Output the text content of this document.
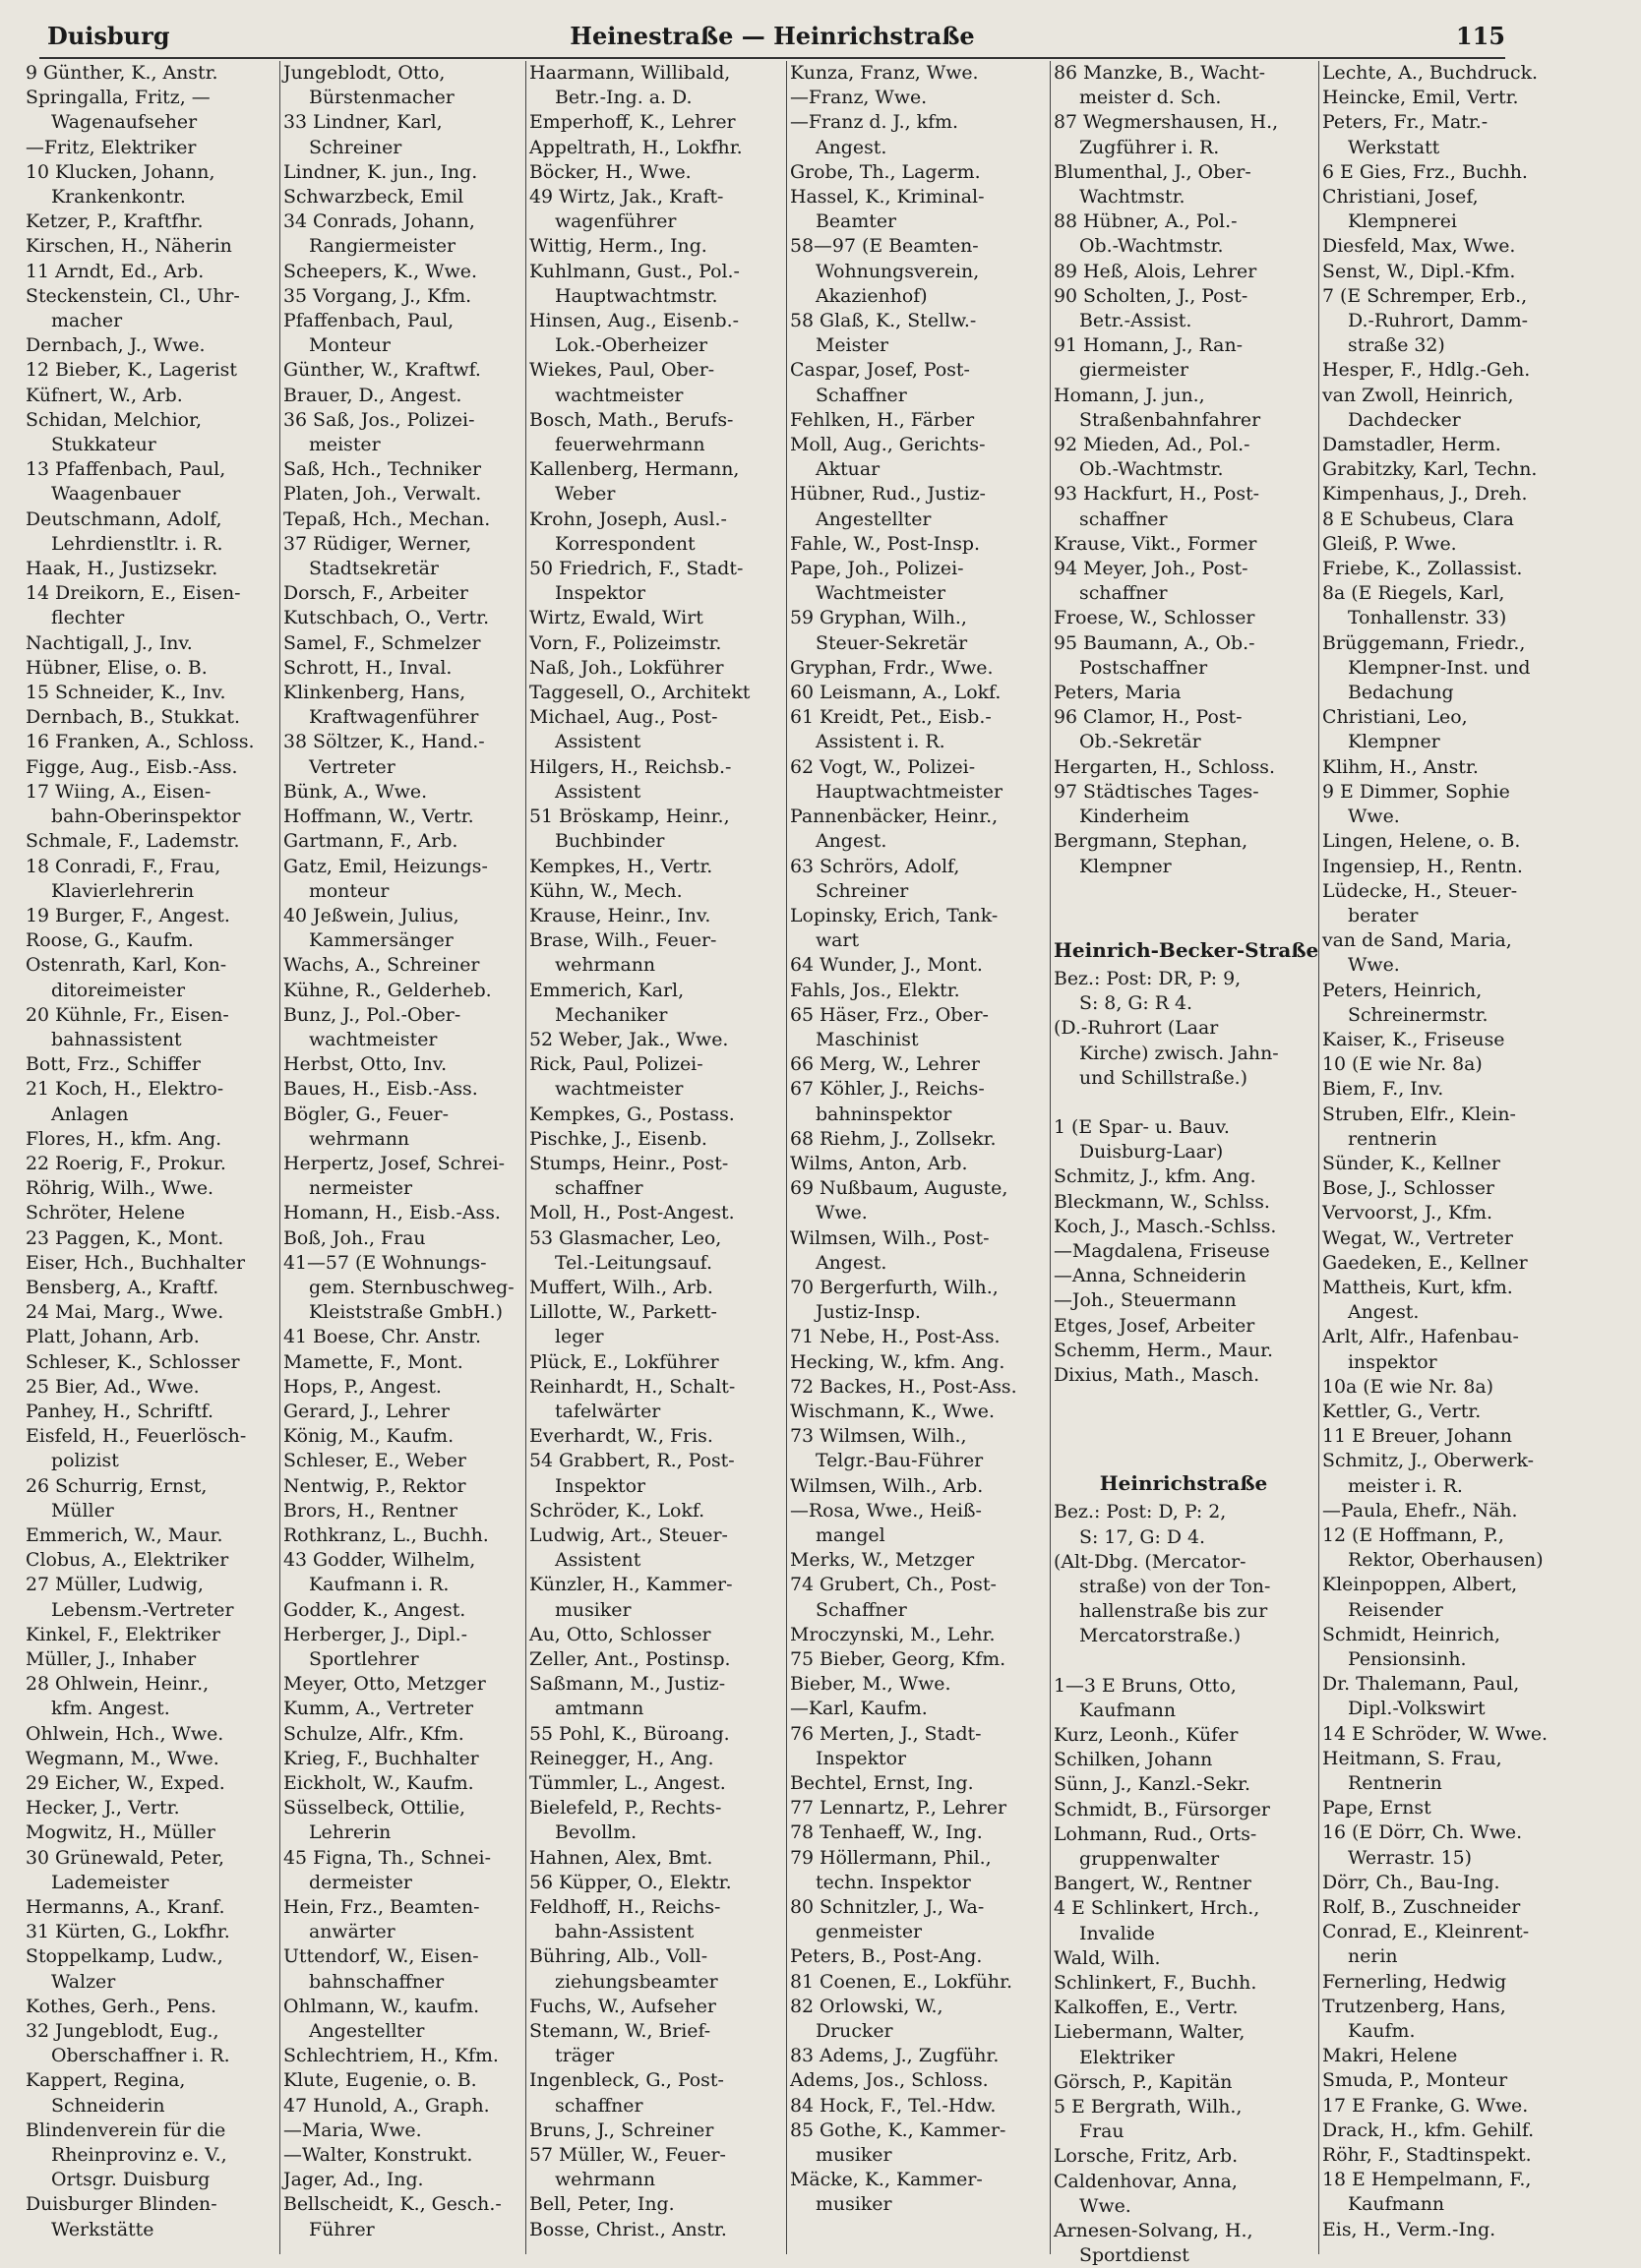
Duisburg	Heinestraße — Heinrichstraße	115
9 Günther, K., Anstr.
Springalla, Fritz, —
Wagenaufseher
—Fritz, Elektriker
10 Klucken, Johann,
Krankenkontr.
Ketzer, P., Kraftfhr.
Kirschen, H., Näherin
11 Arndt, Ed., Arb.
Steckenstein, Cl., Uhr-
macher
Dernbach, J., Wwe.
12 Bieber, K., Lagerist
Küfnert, W., Arb.
Schidan, Melchior,
Stukkateur
13 Pfaffenbach, Paul,
Waagenbauer
Deutschmann, Adolf,
Lehrdienstltr. i. R.
Haak, H., Justizsekr.
14 Dreikorn, E., Eisen-
flechter
Nachtigall, J., Inv.
Hübner, Elise, o. B.
15 Schneider, K., Inv.
Dernbach, B., Stukkat.
16 Franken, A., Schloss.
Figge, Aug., Eisb.-Ass.
17 Wiing, A., Eisen-
bahn-Oberinspektor
Schmale, F., Lademstr.
18 Conradi, F., Frau,
Klavierlehrerin
19 Burger, F., Angest.
Roose, G., Kaufm.
Ostenrath, Karl, Kon-
ditoreimeister
20 Kühnle, Fr., Eisen-
bahnassistent
Bott, Frz., Schiffer
21 Koch, H., Elektro-
Anlagen
Flores, H., kfm. Ang.
22 Roerig, F., Prokur.
Röhrig, Wilh., Wwe.
Schröter, Helene
23 Paggen, K., Mont.
Eiser, Hch., Buchhalter
Bensberg, A., Kraftf.
24 Mai, Marg., Wwe.
Platt, Johann, Arb.
Schleser, K., Schlosser
25 Bier, Ad., Wwe.
Panhey, H., Schriftf.
Eisfeld, H., Feuerlösch-
polizist
26 Schurrig, Ernst,
Müller
Emmerich, W., Maur.
Clobus, A., Elektriker
27 Müller, Ludwig,
Lebensm.-Vertreter
Kinkel, F., Elektriker
Müller, J., Inhaber
28 Ohlwein, Heinr.,
kfm. Angest.
Ohlwein, Hch., Wwe.
Wegmann, M., Wwe.
29 Eicher, W., Exped.
Hecker, J., Vertr.
Mogwitz, H., Müller
30 Grünewald, Peter,
Lademeister
Hermanns, A., Kranf.
31 Kürten, G., Lokfhr.
Stoppelkamp, Ludw.,
Walzer
Kothes, Gerh., Pens.
32 Jungeblodt, Eug.,
Oberschaffner i. R.
Kappert, Regina,
Schneiderin
Blindenverein für die
Rheinprovinz e. V.,
Ortsgr. Duisburg
Duisburger Blinden-
Werkstätte
Jungeblodt, Otto,
Bürstenmacher
33 Lindner, Karl,
Schreiner
Lindner, K. jun., Ing.
Schwarzbeck, Emil
34 Conrads, Johann,
Rangiermeister
Scheepers, K., Wwe.
35 Vorgang, J., Kfm.
Pfaffenbach, Paul,
Monteur
Günther, W., Kraftwf.
Brauer, D., Angest.
36 Saß, Jos., Polizei-
meister
Saß, Hch., Techniker
Platen, Joh., Verwalt.
Tepaß, Hch., Mechan.
37 Rüdiger, Werner,
Stadtsekretär
Dorsch, F., Arbeiter
Kutschbach, O., Vertr.
Samel, F., Schmelzer
Schrott, H., Inval.
Klinkenberg, Hans,
Kraftwagenführer
38 Söltzer, K., Hand.-
Vertreter
Bünk, A., Wwe.
Hoffmann, W., Vertr.
Gartmann, F., Arb.
Gatz, Emil, Heizungs-
monteur
40 Jeßwein, Julius,
Kammersänger
Wachs, A., Schreiner
Kühne, R., Gelderheb.
Bunz, J., Pol.-Ober-
wachtmeister
Herbst, Otto, Inv.
Baues, H., Eisb.-Ass.
Bögler, G., Feuer-
wehrmann
Herpertz, Josef, Schrei-
nermeister
Homann, H., Eisb.-Ass.
Boß, Joh., Frau
41—57 (E Wohnungs-
gem. Sternbuschweg-
Kleiststraße GmbH.)
41 Boese, Chr. Anstr.
Mamette, F., Mont.
Hops, P., Angest.
Gerard, J., Lehrer
König, M., Kaufm.
Schleser, E., Weber
Nentwig, P., Rektor
Brors, H., Rentner
Rothkranz, L., Buchh.
43 Godder, Wilhelm,
Kaufmann i. R.
Godder, K., Angest.
Herberger, J., Dipl.-
Sportlehrer
Meyer, Otto, Metzger
Kumm, A., Vertreter
Schulze, Alfr., Kfm.
Krieg, F., Buchhalter
Eickholt, W., Kaufm.
Süsselbeck, Ottilie,
Lehrerin
45 Figna, Th., Schnei-
dermeister
Hein, Frz., Beamten-
anwärter
Uttendorf, W., Eisen-
bahnschaffner
Ohlmann, W., kaufm.
Angestellter
Schlechtriem, H., Kfm.
Klute, Eugenie, o. B.
47 Hunold, A., Graph.
—Maria, Wwe.
—Walter, Konstrukt.
Jager, Ad., Ing.
Bellscheidt, K., Gesch.-
Führer
Haarmann, Willibald,
Betr.-Ing. a. D.
Emperhoff, K., Lehrer
Appeltrath, H., Lokfhr.
Böcker, H., Wwe.
49 Wirtz, Jak., Kraft-
wagenführer
Wittig, Herm., Ing.
Kuhlmann, Gust., Pol.-
Hauptwachtmstr.
Hinsen, Aug., Eisenb.-
Lok.-Oberheizer
Wiekes, Paul, Ober-
wachtmeister
Bosch, Math., Berufs-
feuerwehrmann
Kallenberg, Hermann,
Weber
Krohn, Joseph, Ausl.-
Korrespondent
50 Friedrich, F., Stadt-
Inspektor
Wirtz, Ewald, Wirt
Vorn, F., Polizeimstr.
Naß, Joh., Lokführer
Taggesell, O., Architekt
Michael, Aug., Post-
Assistent
Hilgers, H., Reichsb.-
Assistent
51 Bröskamp, Heinr.,
Buchbinder
Kempkes, H., Vertr.
Kühn, W., Mech.
Krause, Heinr., Inv.
Brase, Wilh., Feuer-
wehrmann
Emmerich, Karl,
Mechaniker
52 Weber, Jak., Wwe.
Rick, Paul, Polizei-
wachtmeister
Kempkes, G., Postass.
Pischke, J., Eisenb.
Stumps, Heinr., Post-
schaffner
Moll, H., Post-Angest.
53 Glasmacher, Leo,
Tel.-Leitungsauf.
Muffert, Wilh., Arb.
Lillotte, W., Parkett-
leger
Plück, E., Lokführer
Reinhardt, H., Schalt-
tafelwärter
Everhardt, W., Fris.
54 Grabbert, R., Post-
Inspektor
Schröder, K., Lokf.
Ludwig, Art., Steuer-
Assistent
Künzler, H., Kammer-
musiker
Au, Otto, Schlosser
Zeller, Ant., Postinsp.
Saßmann, M., Justiz-
amtmann
55 Pohl, K., Büroang.
Reinegger, H., Ang.
Tümmler, L., Angest.
Bielefeld, P., Rechts-
Bevollm.
Hahnen, Alex, Bmt.
56 Küpper, O., Elektr.
Feldhoff, H., Reichs-
bahn-Assistent
Bühring, Alb., Voll-
ziehungsbeamter
Fuchs, W., Aufseher
Stemann, W., Brief-
träger
Ingenbleck, G., Post-
schaffner
Bruns, J., Schreiner
57 Müller, W., Feuer-
wehrmann
Bell, Peter, Ing.
Bosse, Christ., Anstr.
Kunza, Franz, Wwe.
—Franz, Wwe.
—Franz d. J., kfm.
Angest.
Grobe, Th., Lagerm.
Hassel, K., Kriminal-
Beamter
58—97 (E Beamten-
Wohnungsverein,
Akazienhof)
58 Glaß, K., Stellw.-
Meister
Caspar, Josef, Post-
Schaffner
Fehlken, H., Färber
Moll, Aug., Gerichts-
Aktuar
Hübner, Rud., Justiz-
Angestellter
Fahle, W., Post-Insp.
Pape, Joh., Polizei-
Wachtmeister
59 Gryphan, Wilh.,
Steuer-Sekretär
Gryphan, Frdr., Wwe.
60 Leismann, A., Lokf.
61 Kreidt, Pet., Eisb.-
Assistent i. R.
62 Vogt, W., Polizei-
Hauptwachtmeister
Pannenbäcker, Heinr.,
Angest.
63 Schrörs, Adolf,
Schreiner
Lopinsky, Erich, Tank-
wart
64 Wunder, J., Mont.
Fahls, Jos., Elektr.
65 Häser, Frz., Ober-
Maschinist
66 Merg, W., Lehrer
67 Köhler, J., Reichs-
bahninspektor
68 Riehm, J., Zollsekr.
Wilms, Anton, Arb.
69 Nußbaum, Auguste,
Wwe.
Wilmsen, Wilh., Post-
Angest.
70 Bergerfurth, Wilh.,
Justiz-Insp.
71 Nebe, H., Post-Ass.
Hecking, W., kfm. Ang.
72 Backes, H., Post-Ass.
Wischmann, K., Wwe.
73 Wilmsen, Wilh.,
Telgr.-Bau-Führer
Wilmsen, Wilh., Arb.
—Rosa, Wwe., Heiß-
mangel
Merks, W., Metzger
74 Grubert, Ch., Post-
Schaffner
Mroczynski, M., Lehr.
75 Bieber, Georg, Kfm.
Bieber, M., Wwe.
—Karl, Kaufm.
76 Merten, J., Stadt-
Inspektor
Bechtel, Ernst, Ing.
77 Lennartz, P., Lehrer
78 Tenhaeff, W., Ing.
79 Höllermann, Phil.,
techn. Inspektor
80 Schnitzler, J., Wa-
genmeister
Peters, B., Post-Ang.
81 Coenen, E., Lokführ.
82 Orlowski, W.,
Drucker
83 Adems, J., Zugführ.
Adems, Jos., Schloss.
84 Hock, F., Tel.-Hdw.
85 Gothe, K., Kammer-
musiker
Mäcke, K., Kammer-
musiker
86 Manzke, B., Wacht-
meister d. Sch.
87 Wegmershausen, H.,
Zugführer i. R.
Blumenthal, J., Ober-
Wachtmstr.
88 Hübner, A., Pol.-
Ob.-Wachtmstr.
89 Heß, Alois, Lehrer
90 Scholten, J., Post-
Betr.-Assist.
91 Homann, J., Ran-
giermeister
Homann, J. jun.,
Straßenbahnfahrer
92 Mieden, Ad., Pol.-
Ob.-Wachtmstr.
93 Hackfurt, H., Post-
schaffner
Krause, Vikt., Former
94 Meyer, Joh., Post-
schaffner
Froese, W., Schlosser
95 Baumann, A., Ob.-
Postschaffner
Peters, Maria
96 Clamor, H., Post-
Ob.-Sekretär
Hergarten, H., Schloss.
97 Städtisches Tages-
Kinderheim
Bergmann, Stephan,
Klempner
Heinrich-Becker-Straße
Bez.: Post: DR, P: 9,
S: 8, G: R 4.
(D.-Ruhrort (Laar
Kirche) zwisch. Jahn-
und Schillstraße.)
1 (E Spar- u. Bauv.
Duisburg-Laar)
Schmitz, J., kfm. Ang.
Bleckmann, W., Schlss.
Koch, J., Masch.-Schlss.
—Magdalena, Friseuse
—Anna, Schneiderin
—Joh., Steuermann
Etges, Josef, Arbeiter
Schemm, Herm., Maur.
Dixius, Math., Masch.
Heinrichstraße
Bez.: Post: D, P: 2,
S: 17, G: D 4.
(Alt-Dbg. (Mercator-
straße) von der Ton-
hallenstraße bis zur
Mercatorstraße.)
1—3 E Bruns, Otto,
Kaufmann
Kurz, Leonh., Küfer
Schilken, Johann
Sünn, J., Kanzl.-Sekr.
Schmidt, B., Fürsorger
Lohmann, Rud., Orts-
gruppenwalter
Bangert, W., Rentner
4 E Schlinkert, Hrch.,
Invalide
Wald, Wilh.
Schlinkert, F., Buchh.
Kalkoffen, E., Vertr.
Liebermann, Walter,
Elektriker
Görsch, P., Kapitän
5 E Bergrath, Wilh.,
Frau
Lorsche, Fritz, Arb.
Caldenhovar, Anna,
Wwe.
Arnesen-Solvang, H.,
Sportdienst
Lechte, A., Buchdruck.
Heincke, Emil, Vertr.
Peters, Fr., Matr.-
Werkstatt
6 E Gies, Frz., Buchh.
Christiani, Josef,
Klempnerei
Diesfeld, Max, Wwe.
Senst, W., Dipl.-Kfm.
7 (E Schremper, Erb.,
D.-Ruhrort, Damm-
straße 32)
Hesper, F., Hdlg.-Geh.
van Zwoll, Heinrich,
Dachdecker
Damstadler, Herm.
Grabitzky, Karl, Techn.
Kimpenhaus, J., Dreh.
8 E Schubeus, Clara
Gleiß, P. Wwe.
Friebe, K., Zollassist.
8a (E Riegels, Karl,
Tonhallenstr. 33)
Brüggemann, Friedr.,
Klempner-Inst. und
Bedachung
Christiani, Leo,
Klempner
Klihm, H., Anstr.
9 E Dimmer, Sophie
Wwe.
Lingen, Helene, o. B.
Ingensiep, H., Rentn.
Lüdecke, H., Steuer-
berater
van de Sand, Maria,
Wwe.
Peters, Heinrich,
Schreinermstr.
Kaiser, K., Friseuse
10 (E wie Nr. 8a)
Biem, F., Inv.
Struben, Elfr., Klein-
rentnerin
Sünder, K., Kellner
Bose, J., Schlosser
Vervoorst, J., Kfm.
Wegat, W., Vertreter
Gaedeken, E., Kellner
Mattheis, Kurt, kfm.
Angest.
Arlt, Alfr., Hafenbau-
inspektor
10a (E wie Nr. 8a)
Kettler, G., Vertr.
11 E Breuer, Johann
Schmitz, J., Oberwerk-
meister i. R.
—Paula, Ehefr., Näh.
12 (E Hoffmann, P.,
Rektor, Oberhausen)
Kleinpoppen, Albert,
Reisender
Schmidt, Heinrich,
Pensionsinh.
Dr. Thalemann, Paul,
Dipl.-Volkswirt
14 E Schröder, W. Wwe.
Heitmann, S. Frau,
Rentnerin
Pape, Ernst
16 (E Dörr, Ch. Wwe.
Werrastr. 15)
Dörr, Ch., Bau-Ing.
Rolf, B., Zuschneider
Conrad, E., Kleinrent-
nerin
Fernerling, Hedwig
Trutzenberg, Hans,
Kaufm.
Makri, Helene
Smuda, P., Monteur
17 E Franke, G. Wwe.
Drack, H., kfm. Gehilf.
Röhr, F., Stadtinspekt.
18 E Hempelmann, F.,
Kaufmann
Eis, H., Verm.-Ing.
